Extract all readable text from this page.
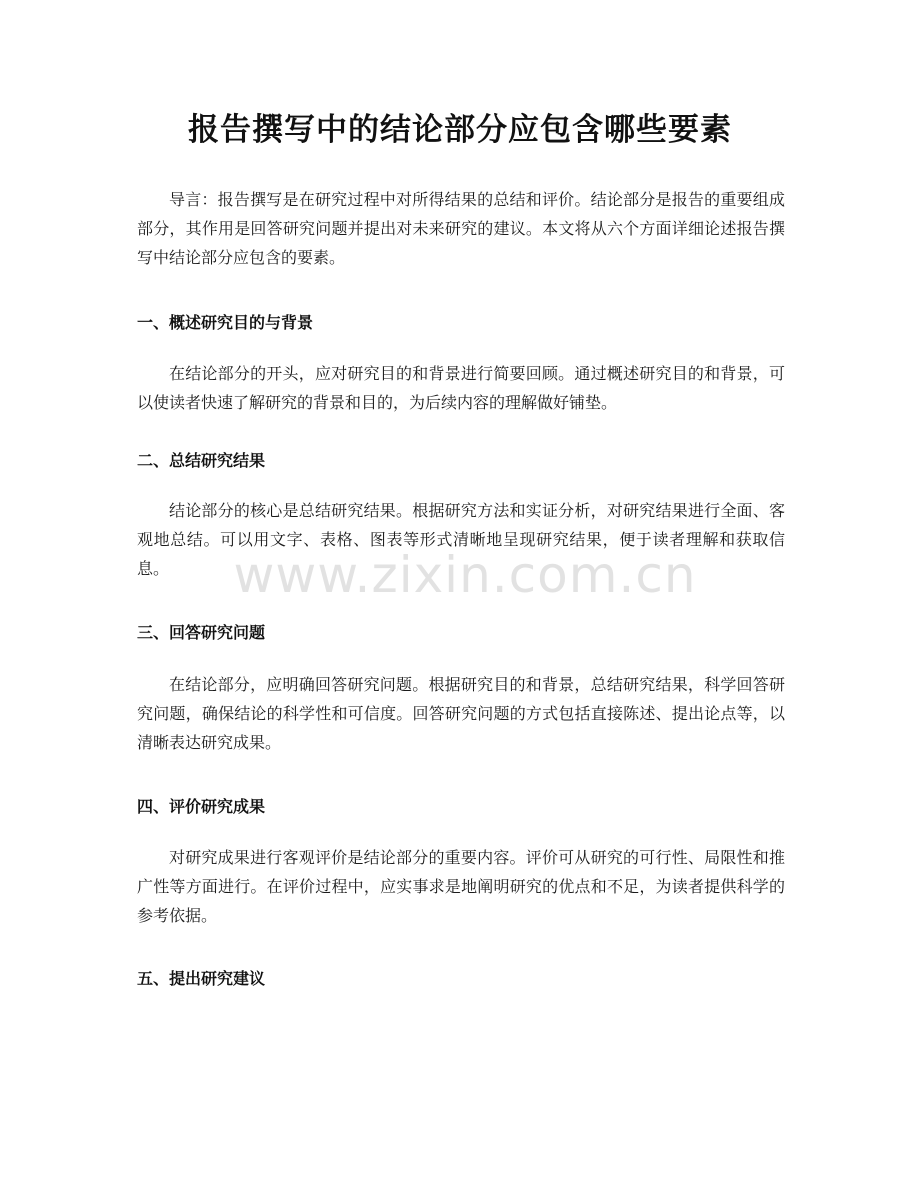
报告撰写中的结论部分应包含哪些要素

导言：报告撰写是在研究过程中对所得结果的总结和评价。结论部分是报告的重要组成部分，其作用是回答研究问题并提出对未来研究的建议。本文将从六个方面详细论述报告撰写中结论部分应包含的要素。

一、概述研究目的与背景

在结论部分的开头，应对研究目的和背景进行简要回顾。通过概述研究目的和背景，可以使读者快速了解研究的背景和目的，为后续内容的理解做好铺垫。

二、总结研究结果

结论部分的核心是总结研究结果。根据研究方法和实证分析，对研究结果进行全面、客观地总结。可以用文字、表格、图表等形式清晰地呈现研究结果，便于读者理解和获取信息。

三、回答研究问题

在结论部分，应明确回答研究问题。根据研究目的和背景，总结研究结果，科学回答研究问题，确保结论的科学性和可信度。回答研究问题的方式包括直接陈述、提出论点等，以清晰表达研究成果。

四、评价研究成果

对研究成果进行客观评价是结论部分的重要内容。评价可从研究的可行性、局限性和推广性等方面进行。在评价过程中，应实事求是地阐明研究的优点和不足，为读者提供科学的参考依据。

五、提出研究建议
www.zixin.com.cn
